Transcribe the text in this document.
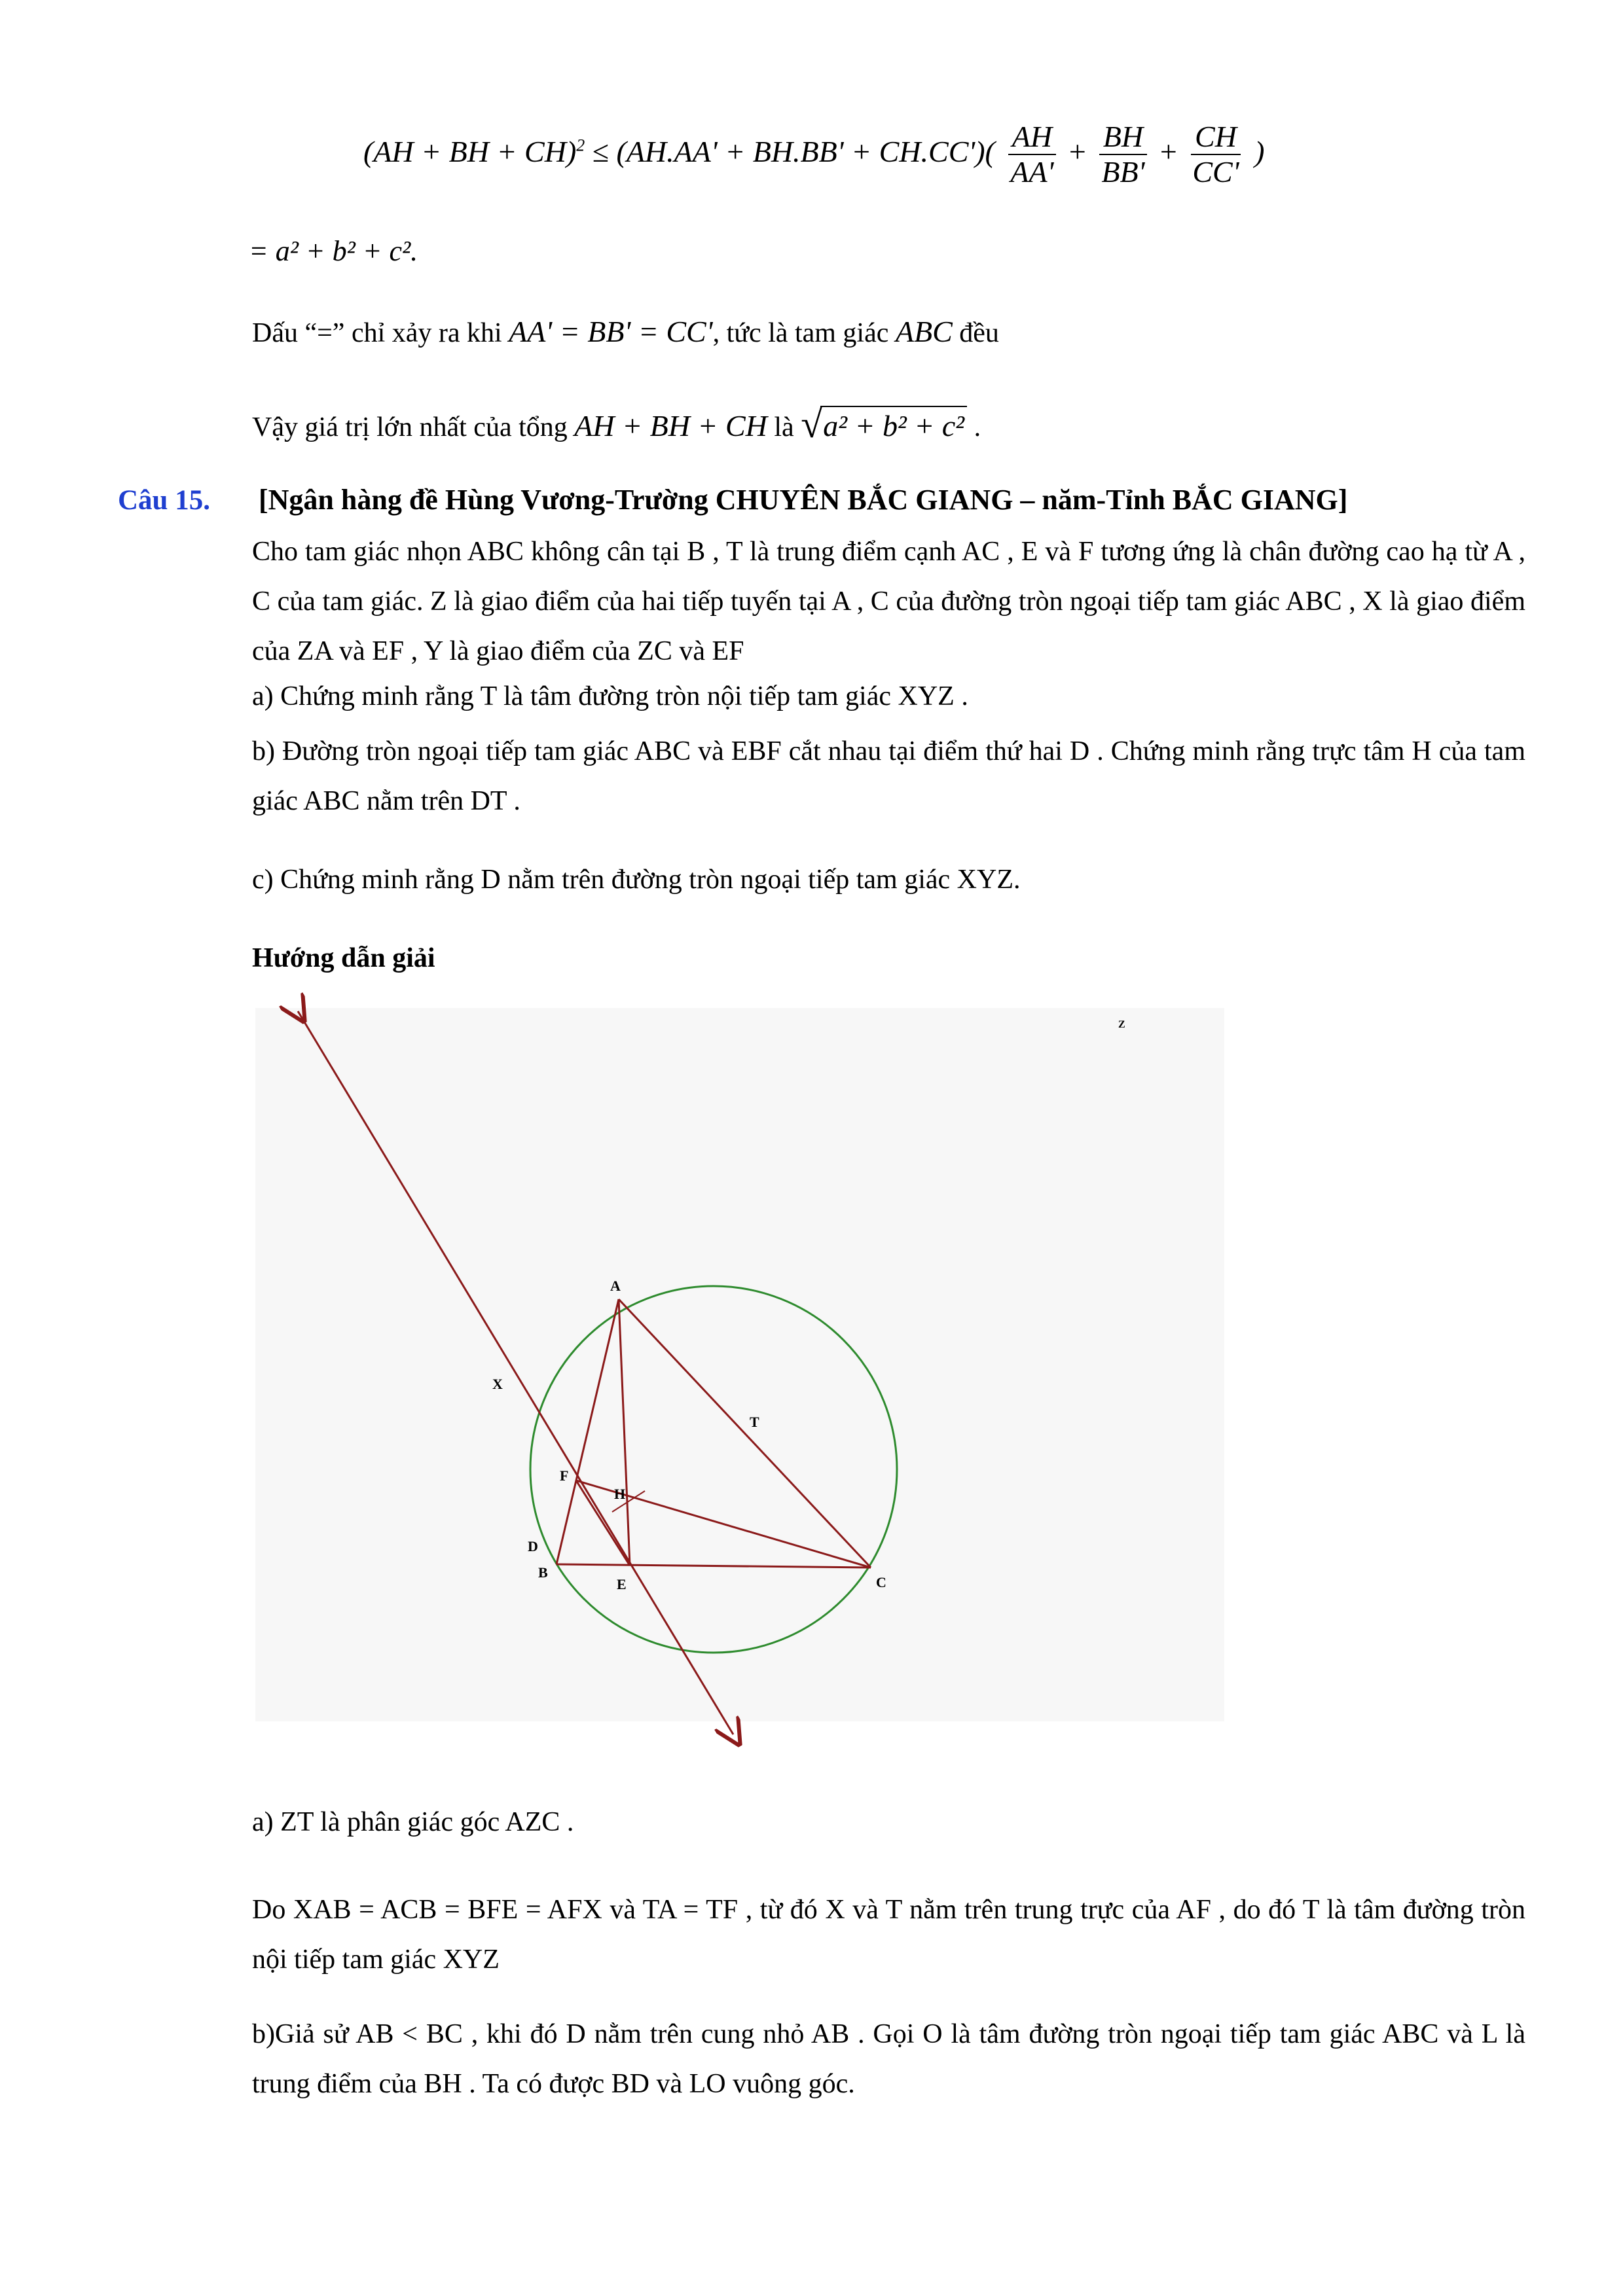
(AH + BH + $CH)^2 \le (AH.AA' + BH.BB' + CH.CC')( \frac{AH}{AA'} + \frac{BH}{BB'} + \frac{CH}{CC'}$ )
= a² + b² + c².
Dấu “=” chỉ xảy ra khi AA' = BB' = CC', tức là tam giác ABC đều
Vậy giá trị lớn nhất của tổng AH + BH + CH là √ a² + b² + c² .
Câu 15. [Ngân hàng đề Hùng Vương-Trường CHUYÊN BẮC GIANG – năm-Tỉnh BẮC GIANG]
Cho tam giác nhọn ABC không cân tại B , T là trung điểm cạnh AC , E và F tương ứng là chân đường cao hạ từ A , C của tam giác. Z là giao điểm của hai tiếp tuyến tại A , C của đường tròn ngoại tiếp tam giác ABC , X là giao điểm của ZA và EF , Y là giao điểm của ZC và EF
a) Chứng minh rằng T là tâm đường tròn nội tiếp tam giác XYZ .
b) Đường tròn ngoại tiếp tam giác ABC và EBF cắt nhau tại điểm thứ hai D . Chứng minh rằng trực tâm H của tam giác ABC nằm trên DT .
c) Chứng minh rằng D nằm trên đường tròn ngoại tiếp tam giác XYZ.
Hướng dẫn giải
A
T
X
F
H
D
B
E	C
Z
a) ZT là phân giác góc AZC .
Do XAB = ACB = BFE = AFX và TA = TF , từ đó X và T nằm trên trung trực của AF , do đó T là tâm đường tròn nội tiếp tam giác XYZ
b)Giả sử AB < BC , khi đó D nằm trên cung nhỏ AB . Gọi O là tâm đường tròn ngoại tiếp tam giác ABC và L là trung điểm của BH . Ta có được BD và LO vuông góc.
